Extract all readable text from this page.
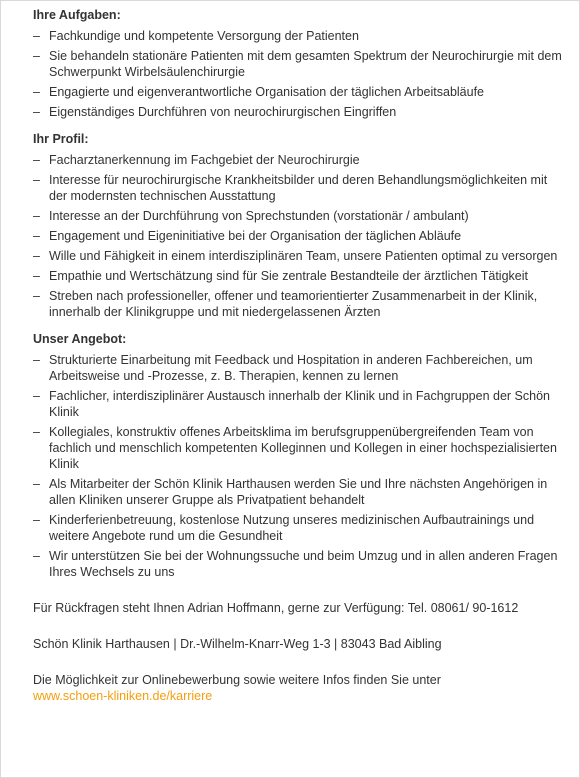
Ihre Aufgaben:
– Fachkundige und kompetente Versorgung der Patienten
– Sie behandeln stationäre Patienten mit dem gesamten Spektrum der Neurochirurgie mit dem Schwerpunkt Wirbelsäulenchirurgie
– Engagierte und eigenverantwortliche Organisation der täglichen Arbeitsabläufe
– Eigenständiges Durchführen von neurochirurgischen Eingriffen
Ihr Profil:
– Facharztanerkennung im Fachgebiet der Neurochirurgie
– Interesse für neurochirurgische Krankheitsbilder und deren Behandlungsmöglichkeiten mit der modernsten technischen Ausstattung
– Interesse an der Durchführung von Sprechstunden (vorstationär / ambulant)
– Engagement und Eigeninitiative bei der Organisation der täglichen Abläufe
– Wille und Fähigkeit in einem interdisziplinären Team, unsere Patienten optimal zu versorgen
– Empathie und Wertschätzung sind für Sie zentrale Bestandteile der ärztlichen Tätigkeit
– Streben nach professioneller, offener und teamorientierter Zusammenarbeit in der Klinik, innerhalb der Klinikgruppe und mit niedergelassenen Ärzten
Unser Angebot:
– Strukturierte Einarbeitung mit Feedback und Hospitation in anderen Fachbereichen, um Arbeitsweise und -Prozesse, z. B. Therapien, kennen zu lernen
– Fachlicher, interdisziplinärer Austausch innerhalb der Klinik und in Fachgruppen der Schön Klinik
– Kollegiales, konstruktiv offenes Arbeitsklima im berufsgruppenübergreifenden Team von fachlich und menschlich kompetenten Kolleginnen und Kollegen in einer hochspezialisierten Klinik
– Als Mitarbeiter der Schön Klinik Harthausen werden Sie und Ihre nächsten Angehörigen in allen Kliniken unserer Gruppe als Privatpatient behandelt
– Kinderferienbetreuung, kostenlose Nutzung unseres medizinischen Aufbautrainings und weitere Angebote rund um die Gesundheit
– Wir unterstützen Sie bei der Wohnungssuche und beim Umzug und in allen anderen Fragen Ihres Wechsels zu uns

Für Rückfragen steht Ihnen Adrian Hoffmann, gerne zur Verfügung: Tel. 08061/ 90-1612

Schön Klinik Harthausen | Dr.-Wilhelm-Knarr-Weg 1-3 | 83043 Bad Aibling

Die Möglichkeit zur Onlinebewerbung sowie weitere Infos finden Sie unter

www.schoen-kliniken.de/karriere
